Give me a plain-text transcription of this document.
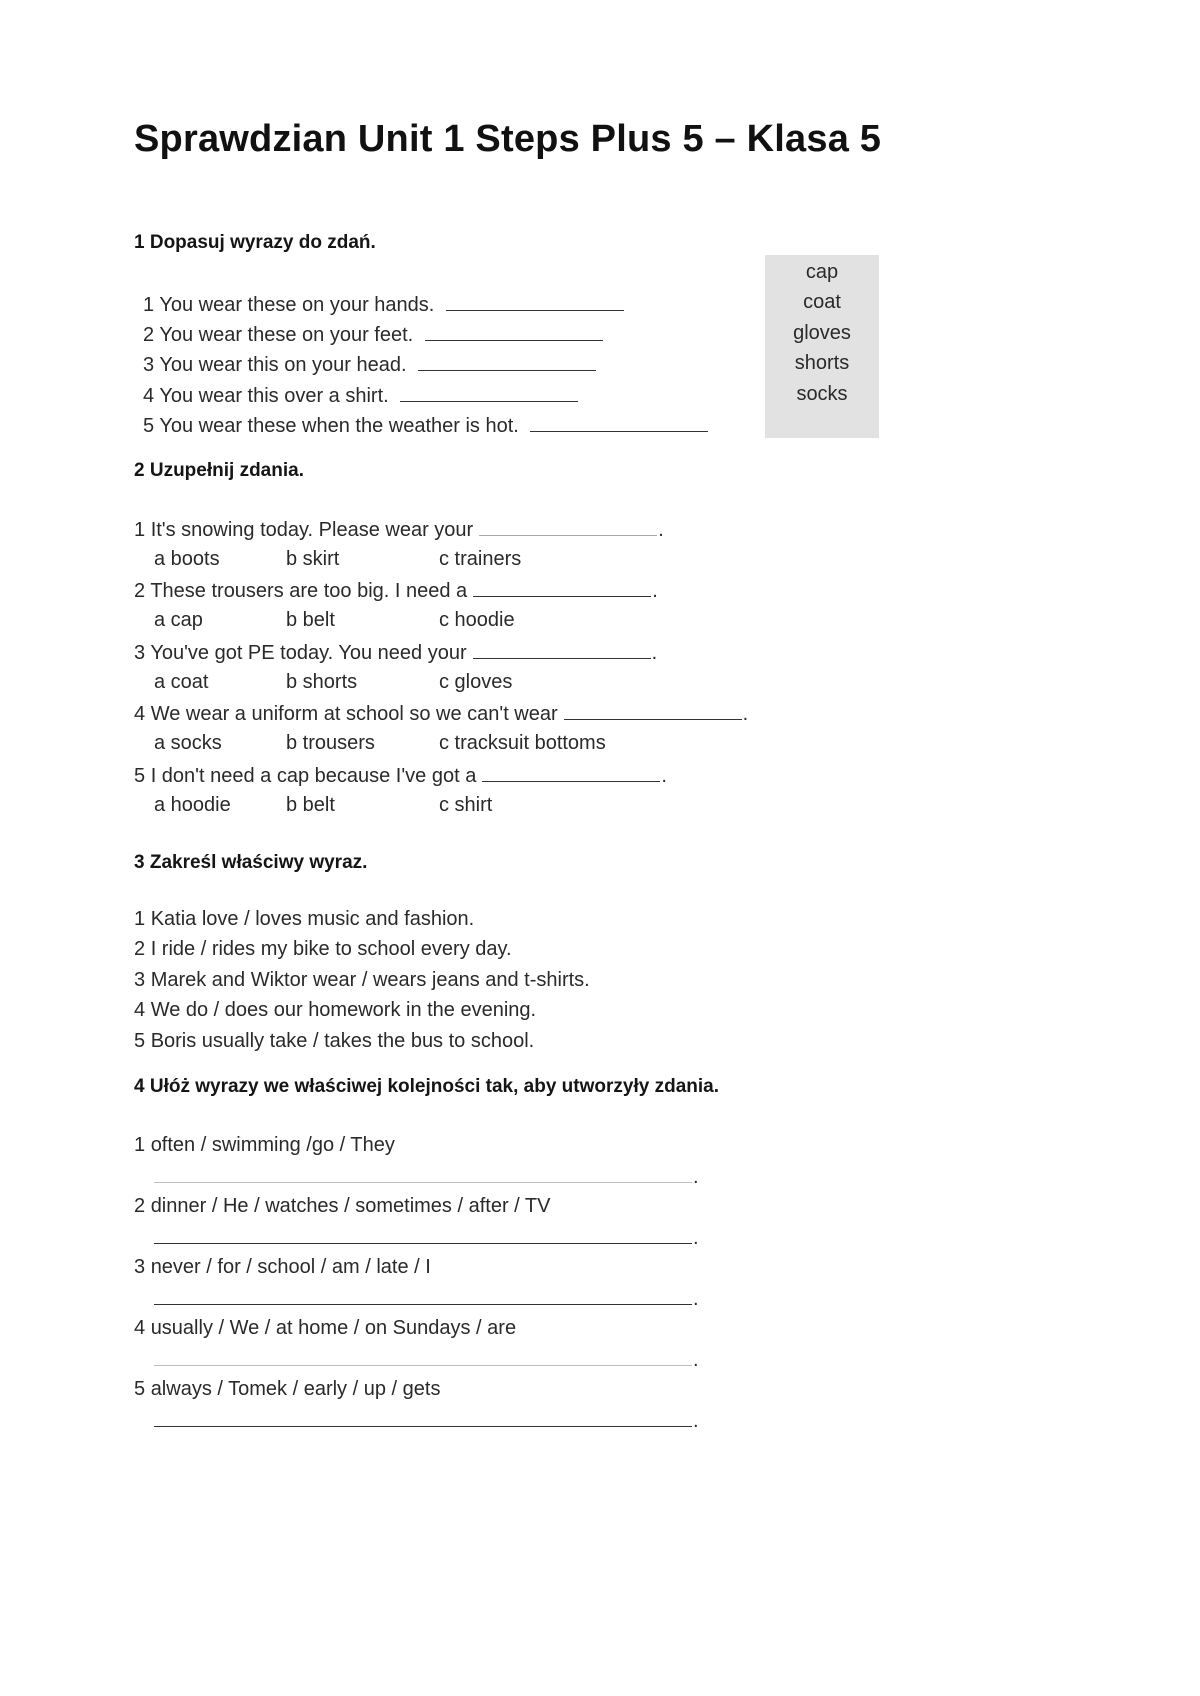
Sprawdzian Unit 1 Steps Plus 5 – Klasa 5
1 Dopasuj wyrazy do zdań.
1 You wear these on your hands.
2 You wear these on your feet.
3 You wear this on your head.
4 You wear this over a shirt.
5 You wear these when the weather is hot.
cap
coat
gloves
shorts
socks
2 Uzupełnij zdania.
1 It's snowing today. Please wear your	.
a boots	b skirt	c trainers
2 These trousers are too big. I need a	.
a cap	b belt	c hoodie
3 You've got PE today. You need your	.
a coat	b shorts	c gloves
4 We wear a uniform at school so we can't wear	.
a socks	b trousers	c tracksuit bottoms
5 I don't need a cap because I've got a	.
a hoodie	b belt	c shirt
3 Zakreśl właściwy wyraz.
1 Katia love / loves music and fashion.
2 I ride / rides my bike to school every day.
3 Marek and Wiktor wear / wears jeans and t-shirts.
4 We do / does our homework in the evening.
5 Boris usually take / takes the bus to school.
4 Ułóż wyrazy we właściwej kolejności tak, aby utworzyły zdania.
1 often / swimming /go / They
.
2 dinner / He / watches / sometimes / after / TV
.
3 never / for / school / am / late / I
.
4 usually / We / at home / on Sundays / are
.
5 always / Tomek / early / up / gets
.
